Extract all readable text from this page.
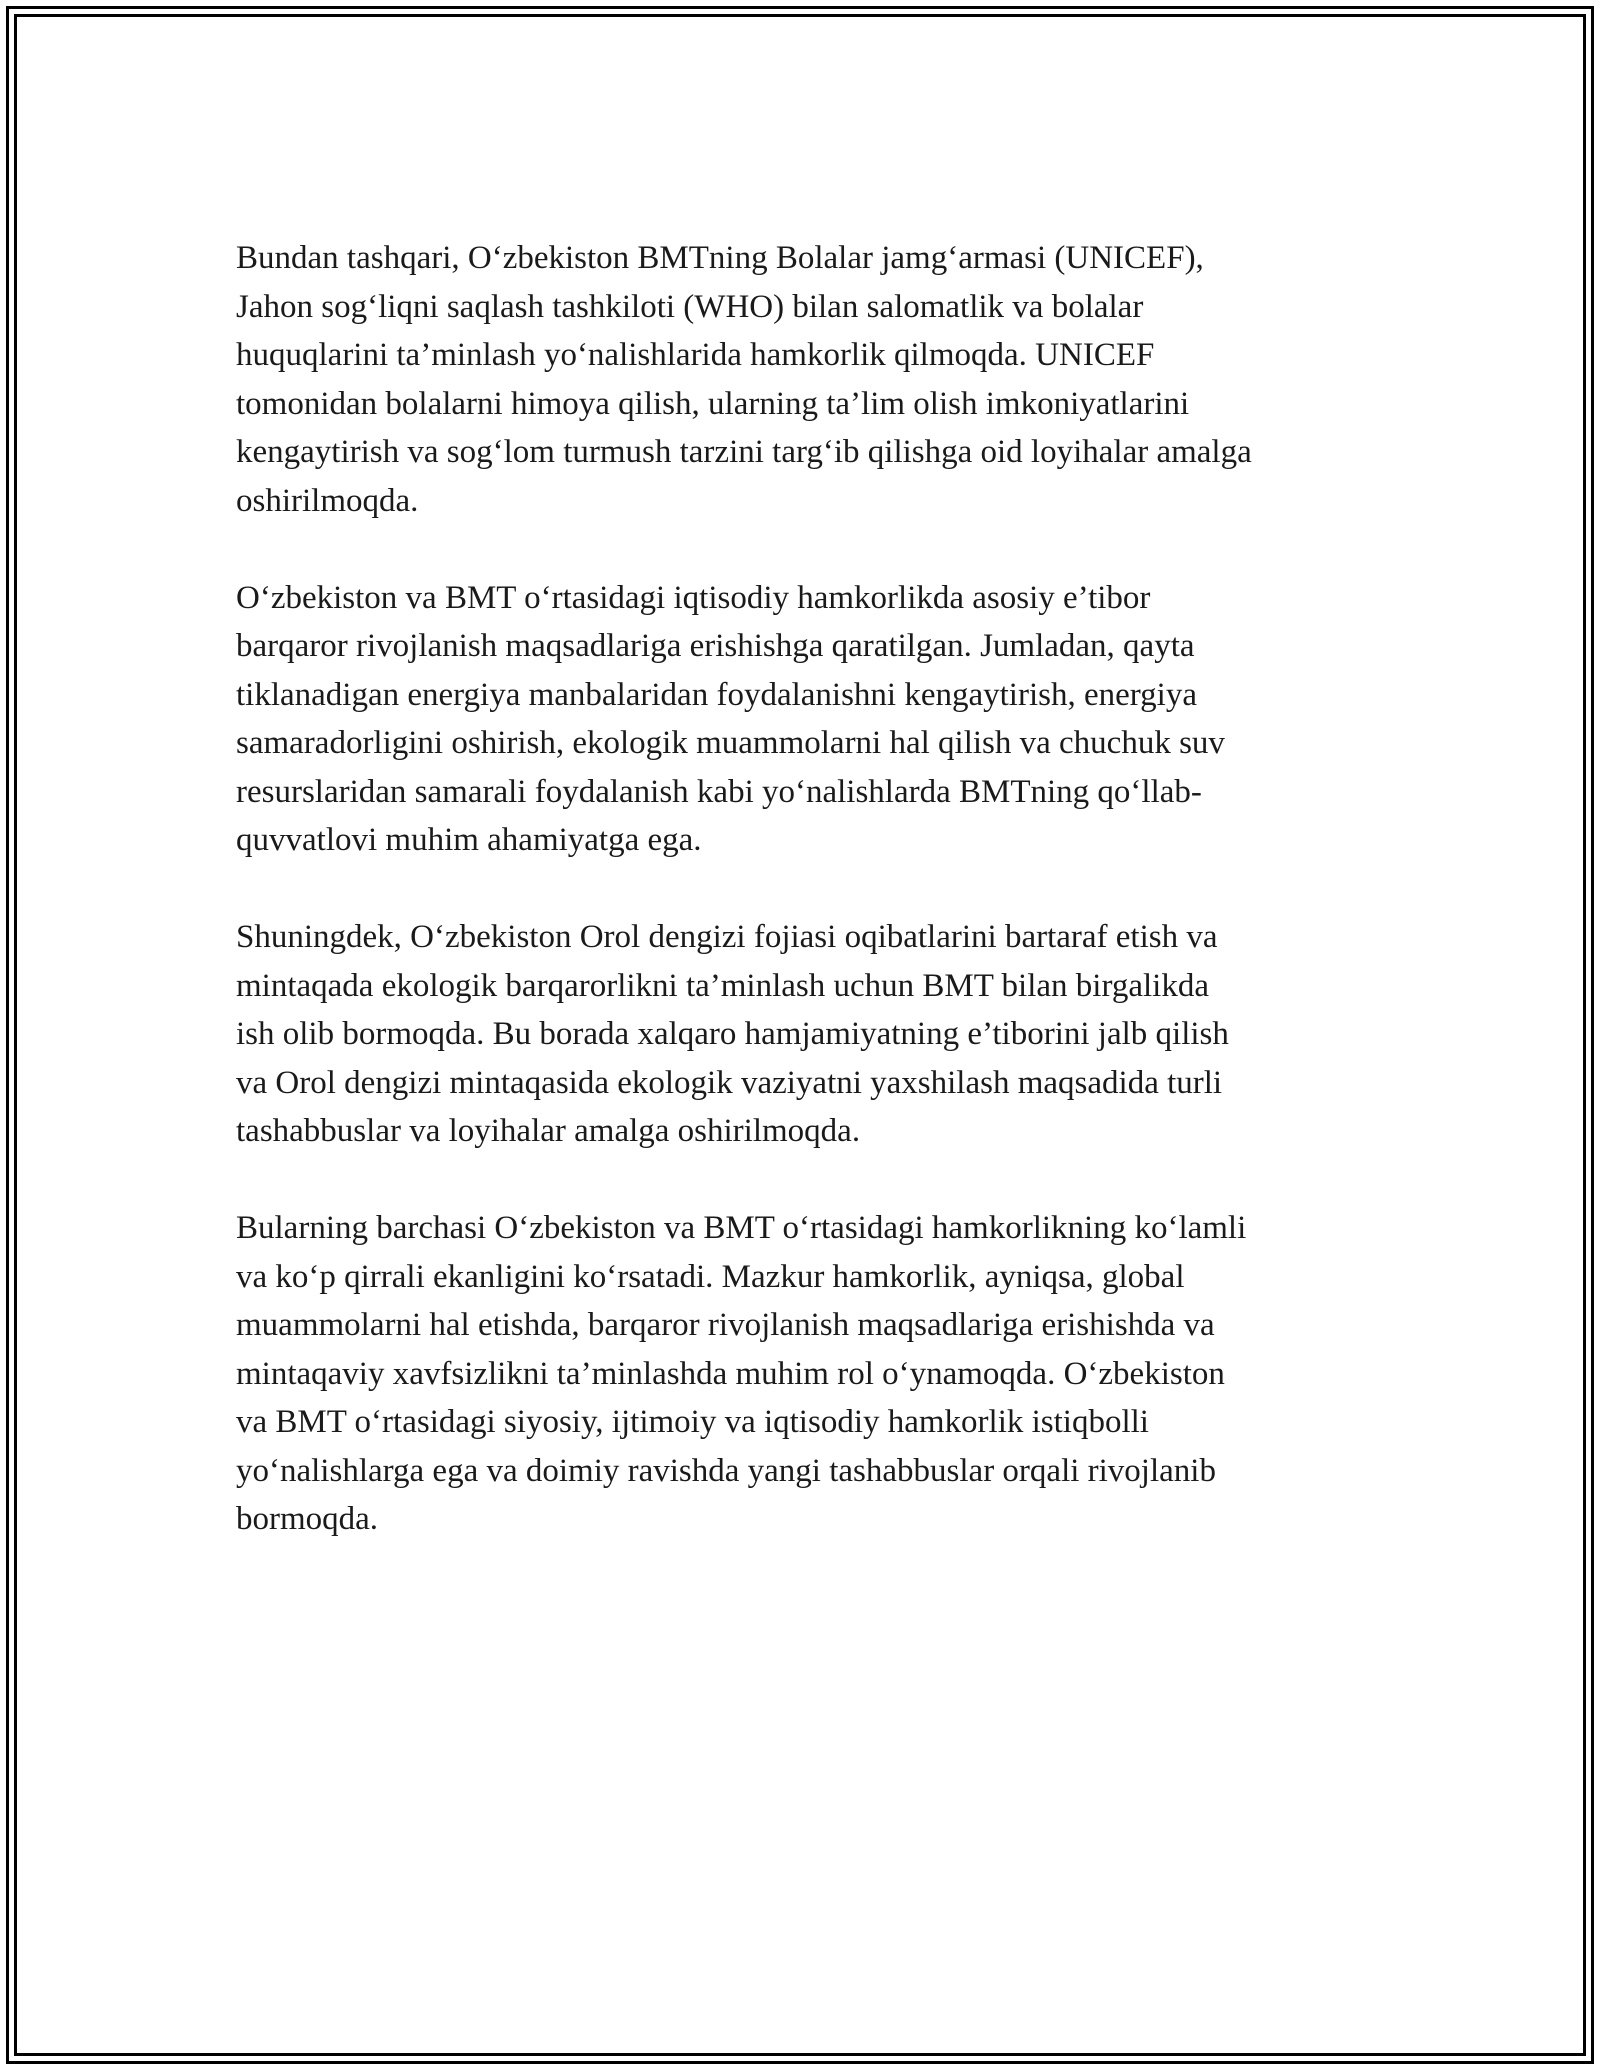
Bundan tashqari, O‘zbekiston BMTning Bolalar jamg‘armasi (UNICEF),
Jahon sog‘liqni saqlash tashkiloti (WHO) bilan salomatlik va bolalar
huquqlarini ta’minlash yo‘nalishlarida hamkorlik qilmoqda. UNICEF
tomonidan bolalarni himoya qilish, ularning ta’lim olish imkoniyatlarini
kengaytirish va sog‘lom turmush tarzini targ‘ib qilishga oid loyihalar amalga
oshirilmoqda.

O‘zbekiston va BMT o‘rtasidagi iqtisodiy hamkorlikda asosiy e’tibor
barqaror rivojlanish maqsadlariga erishishga qaratilgan. Jumladan, qayta
tiklanadigan energiya manbalaridan foydalanishni kengaytirish, energiya
samaradorligini oshirish, ekologik muammolarni hal qilish va chuchuk suv
resurslaridan samarali foydalanish kabi yo‘nalishlarda BMTning qo‘llab-
quvvatlovi muhim ahamiyatga ega.

Shuningdek, O‘zbekiston Orol dengizi fojiasi oqibatlarini bartaraf etish va
mintaqada ekologik barqarorlikni ta’minlash uchun BMT bilan birgalikda
ish olib bormoqda. Bu borada xalqaro hamjamiyatning e’tiborini jalb qilish
va Orol dengizi mintaqasida ekologik vaziyatni yaxshilash maqsadida turli
tashabbuslar va loyihalar amalga oshirilmoqda.

Bularning barchasi O‘zbekiston va BMT o‘rtasidagi hamkorlikning ko‘lamli
va ko‘p qirrali ekanligini ko‘rsatadi. Mazkur hamkorlik, ayniqsa, global
muammolarni hal etishda, barqaror rivojlanish maqsadlariga erishishda va
mintaqaviy xavfsizlikni ta’minlashda muhim rol o‘ynamoqda. O‘zbekiston
va BMT o‘rtasidagi siyosiy, ijtimoiy va iqtisodiy hamkorlik istiqbolli
yo‘nalishlarga ega va doimiy ravishda yangi tashabbuslar orqali rivojlanib
bormoqda.
